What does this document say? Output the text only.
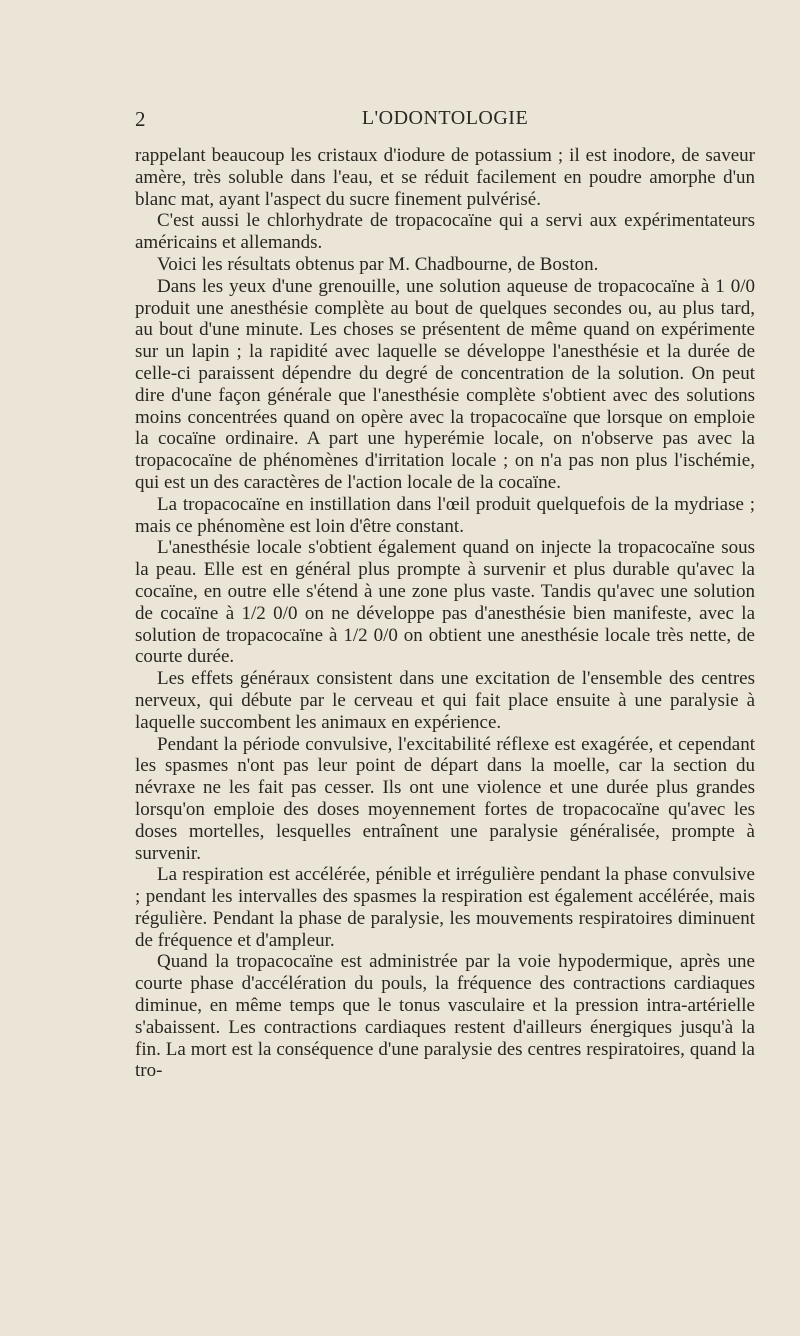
2	L'ODONTOLOGIE

rappelant beaucoup les cristaux d'iodure de potassium ; il est inodore, de saveur amère, très soluble dans l'eau, et se réduit facilement en poudre amorphe d'un blanc mat, ayant l'aspect du sucre finement pulvérisé.

C'est aussi le chlorhydrate de tropacocaïne qui a servi aux expérimentateurs américains et allemands.

Voici les résultats obtenus par M. Chadbourne, de Boston.

Dans les yeux d'une grenouille, une solution aqueuse de tropacocaïne à 1 0/0 produit une anesthésie complète au bout de quelques secondes ou, au plus tard, au bout d'une minute. Les choses se présentent de même quand on expérimente sur un lapin ; la rapidité avec laquelle se développe l'anesthésie et la durée de celle-ci paraissent dépendre du degré de concentration de la solution. On peut dire d'une façon générale que l'anesthésie complète s'obtient avec des solutions moins concentrées quand on opère avec la tropacocaïne que lorsque on emploie la cocaïne ordinaire. A part une hyperémie locale, on n'observe pas avec la tropacocaïne de phénomènes d'irritation locale ; on n'a pas non plus l'ischémie, qui est un des caractères de l'action locale de la cocaïne.

La tropacocaïne en instillation dans l'œil produit quelquefois de la mydriase ; mais ce phénomène est loin d'être constant.

L'anesthésie locale s'obtient également quand on injecte la tropacocaïne sous la peau. Elle est en général plus prompte à survenir et plus durable qu'avec la cocaïne, en outre elle s'étend à une zone plus vaste. Tandis qu'avec une solution de cocaïne à 1/2 0/0 on ne développe pas d'anesthésie bien manifeste, avec la solution de tropacocaïne à 1/2 0/0 on obtient une anesthésie locale très nette, de courte durée.

Les effets généraux consistent dans une excitation de l'ensemble des centres nerveux, qui débute par le cerveau et qui fait place ensuite à une paralysie à laquelle succombent les animaux en expérience.

Pendant la période convulsive, l'excitabilité réflexe est exagérée, et cependant les spasmes n'ont pas leur point de départ dans la moelle, car la section du névraxe ne les fait pas cesser. Ils ont une violence et une durée plus grandes lorsqu'on emploie des doses moyennement fortes de tropacocaïne qu'avec les doses mortelles, lesquelles entraînent une paralysie généralisée, prompte à survenir.

La respiration est accélérée, pénible et irrégulière pendant la phase convulsive ; pendant les intervalles des spasmes la respiration est également accélérée, mais régulière. Pendant la phase de paralysie, les mouvements respiratoires diminuent de fréquence et d'ampleur.

Quand la tropacocaïne est administrée par la voie hypodermique, après une courte phase d'accélération du pouls, la fréquence des contractions cardiaques diminue, en même temps que le tonus vasculaire et la pression intra-artérielle s'abaissent. Les contractions cardiaques restent d'ailleurs énergiques jusqu'à la fin. La mort est la conséquence d'une paralysie des centres respiratoires, quand la tro-
